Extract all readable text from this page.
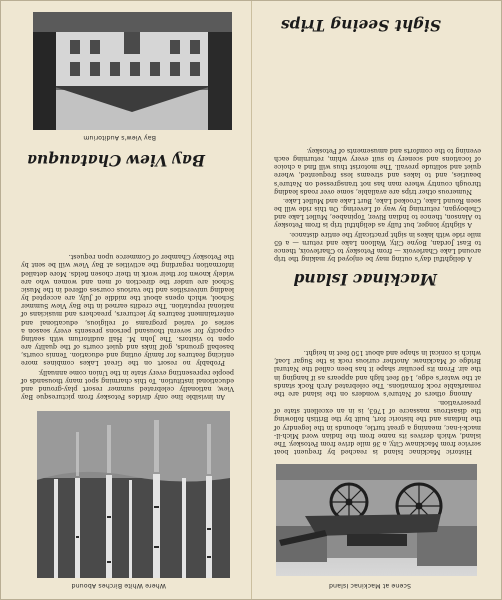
Scene at Mackinac Island

Historic Mackinac Island is reached by frequent boat service from Mackinaw City, a 36 mile drive from Petoskey. The island, which derives its name from the Indian word Mich-il-mack-i-nac, meaning a great turtle, abounds in the legendry of the Indians and the historic fort, built by the British following the disastrous massacre of 1763, is in an excellent state of preservation.

Among others of Nature's wonders on the island are the remarkable rock formations. The celebrated Arch Rock stands at the water's edge, 140 feet high and appears as if hanging in the air. From its peculiar shape it has been called the Natural Bridge of Mackinaw. Another curious rock is the Sugar Loaf, which is conical in shape and about 150 feet in height.

Mackinac Island

A delightful day's outing may be enjoyed by making the trip around Lake Charlevoix — from Petoskey to Charlevoix, thence to East Jordan, Boyne City, Walloon Lake and return — a 65 mile ride with lakes in sight practically the entire distance.

A slightly longer, but fully as delightful trip is from Petoskey to Alanson, thence to Indian River, Topinabee, Mullet Lake and Cheboygan, returning by way of Levering. On this ride will be seen Round Lake, Crooked Lake, Burt Lake and Mullet Lake.

Numerous other trips are available, some over roads leading through country where man has not transgressed on Nature's beauties, and to lakes and streams less frequented, where quiet and solitude prevail. The motorist thus will find a choice of locations and scenery to suit every whim, returning each evening to the comforts and amusements of Petoskey.

Sight Seeing Trips
Where White Birches Abound

An invisible line only divides Petoskey from picturesque Bay View, nationally celebrated summer resort play-ground and educational institution. To this charming spot many thousands of people representing every state in the Union come annually.

Probably no resort on the Great Lakes combines more enticing features for family outing and education. Tennis courts, baseball grounds, golf links and quiet courts of the quality are open to visitors. The John M. Hall auditorium with seating capacity for several thousand persons presents every season a series of varied programs of religious, educational and entertainment features by lecturers, preachers and musicians of national reputation. The credits earned in the Bay View Summer School, which opens about the middle of July, are accepted by leading universities and the various courses offered in the Music School are under the direction of men and women who are widely known for their work in their chosen fields. More detailed information regarding the activities at Bay View will be sent by the Petoskey Chamber of Commerce upon request.

Bay View Chatauqua
Bay View's Auditorium
